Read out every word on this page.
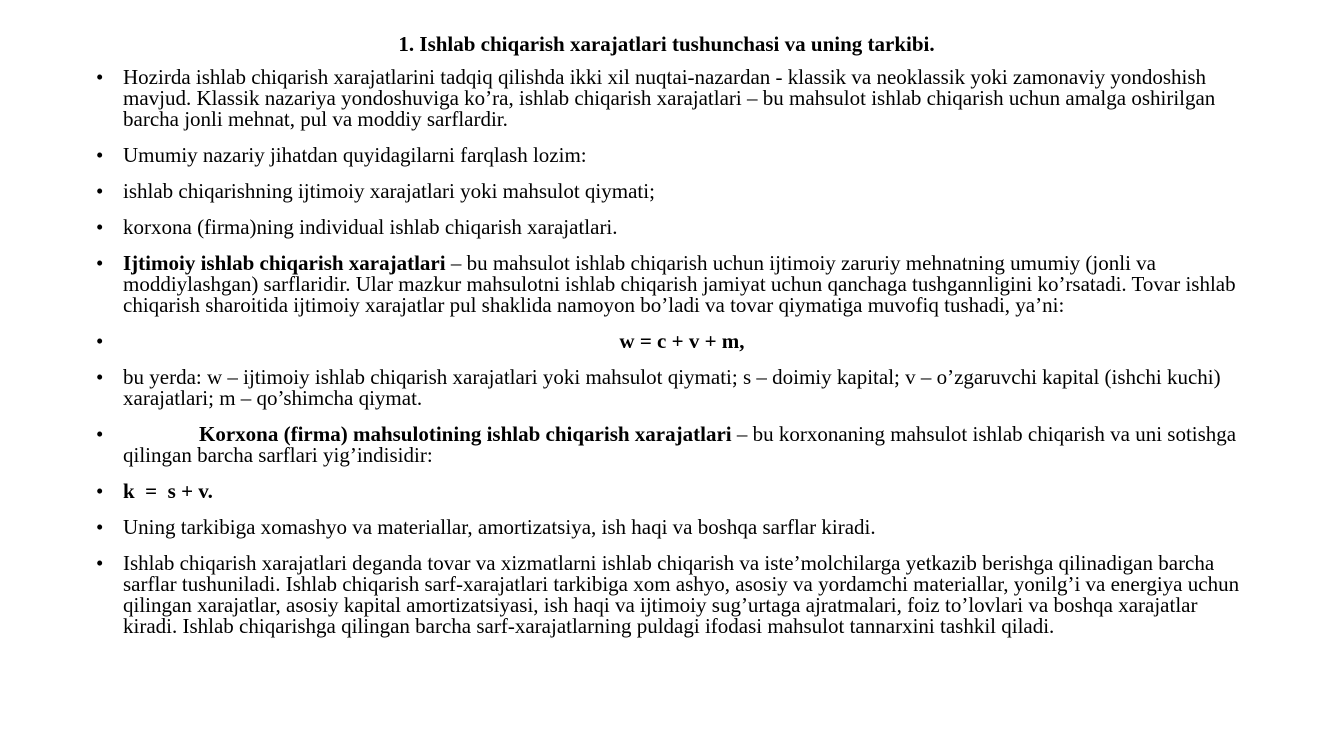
1. Ishlab chiqarish xarajatlari tushunchasi va uning tarkibi.
• Hozirda ishlab chiqarish xarajatlarini tadqiq qilishda ikki xil nuqtai-nazardan - klassik va neoklassik yoki zamonaviy yondoshish mavjud. Klassik nazariya yondoshuviga ko’ra, ishlab chiqarish xarajatlari – bu mahsulot ishlab chiqarish uchun amalga oshirilgan barcha jonli mehnat, pul va moddiy sarflardir.
• Umumiy nazariy jihatdan quyidagilarni farqlash lozim:
• ishlab chiqarishning ijtimoiy xarajatlari yoki mahsulot qiymati;
• korxona (firma)ning individual ishlab chiqarish xarajatlari.
• Ijtimoiy ishlab chiqarish xarajatlari – bu mahsulot ishlab chiqarish uchun ijtimoiy zaruriy mehnatning umumiy (jonli va moddiylashgan) sarflaridir. Ular mazkur mahsulotni ishlab chiqarish jamiyat uchun qanchaga tushgannligini ko’rsatadi. Tovar ishlab chiqarish sharoitida ijtimoiy xarajatlar pul shaklida namoyon bo’ladi va tovar qiymatiga muvofiq tushadi, ya’ni:
•	w = c + v + m,
• bu yerda: w – ijtimoiy ishlab chiqarish xarajatlari yoki mahsulot qiymati; s – doimiy kapital; v – o’zgaruvchi kapital (ishchi kuchi) xarajatlari; m – qo’shimcha qiymat.
•	Korxona (firma) mahsulotining ishlab chiqarish xarajatlari – bu korxonaning mahsulot ishlab chiqarish va uni sotishga qilingan barcha sarflari yig’indisidir:
• k  =  s + v.
• Uning tarkibiga xomashyo va materiallar, amortizatsiya, ish haqi va boshqa sarflar kiradi.
• Ishlab chiqarish xarajatlari deganda tovar va xizmatlarni ishlab chiqarish va iste’molchilarga yetkazib berishga qilinadigan barcha sarflar tushuniladi. Ishlab chiqarish sarf-xarajatlari tarkibiga xom ashyo, asosiy va yordamchi materiallar, yonilg’i va energiya uchun qilingan xarajatlar, asosiy kapital amortizatsiyasi, ish haqi va ijtimoiy sug’urtaga ajratmalari, foiz to’lovlari va boshqa xarajatlar kiradi. Ishlab chiqarishga qilingan barcha sarf-xarajatlarning puldagi ifodasi mahsulot tannarxini tashkil qiladi.
